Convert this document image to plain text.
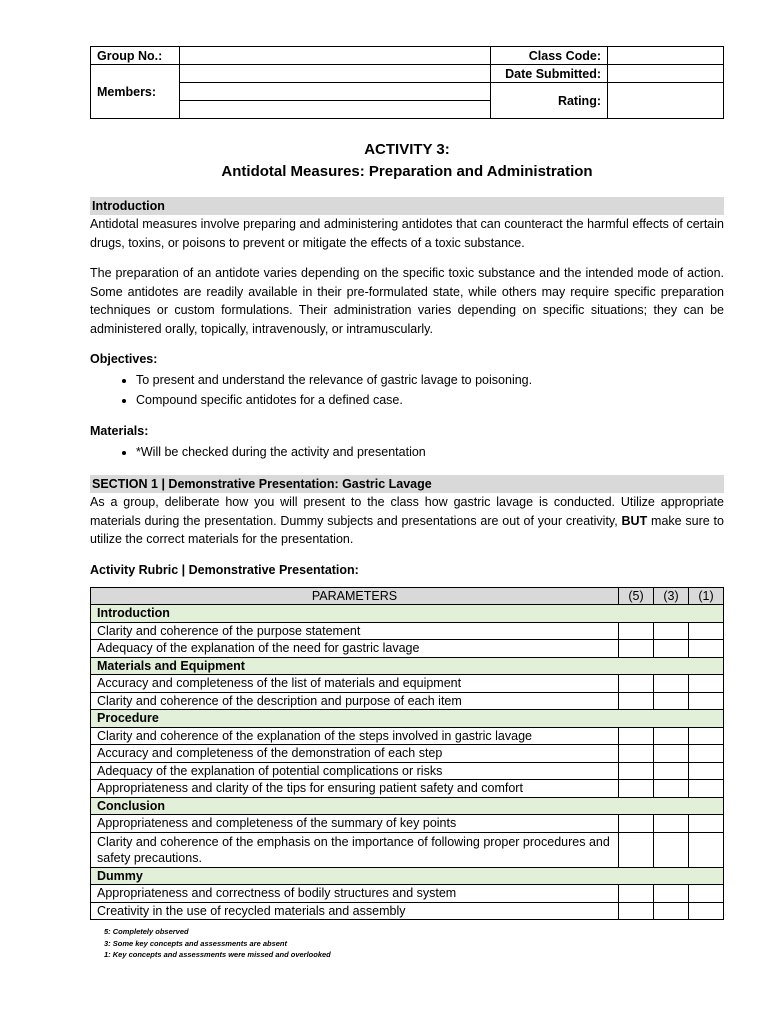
Group No.:		Class Code:	
Members:		Date Submitted:	
		Rating:	

ACTIVITY 3:
Antidotal Measures: Preparation and Administration
Introduction

Antidotal measures involve preparing and administering antidotes that can counteract the harmful effects of certain drugs, toxins, or poisons to prevent or mitigate the effects of a toxic substance.

The preparation of an antidote varies depending on the specific toxic substance and the intended mode of action. Some antidotes are readily available in their pre-formulated state, while others may require specific preparation techniques or custom formulations. Their administration varies depending on specific situations; they can be administered orally, topically, intravenously, or intramuscularly.

Objectives:
• To present and understand the relevance of gastric lavage to poisoning.
• Compound specific antidotes for a defined case.
Materials:
• *Will be checked during the activity and presentation
SECTION 1 | Demonstrative Presentation: Gastric Lavage

As a group, deliberate how you will present to the class how gastric lavage is conducted. Utilize appropriate materials during the presentation. Dummy subjects and presentations are out of your creativity, BUT make sure to utilize the correct materials for the presentation.

Activity Rubric | Demonstrative Presentation:
PARAMETERS	(5)	(3)	(1)
Introduction			
Clarity and coherence of the purpose statement			
Adequacy of the explanation of the need for gastric lavage			
Materials and Equipment			
Accuracy and completeness of the list of materials and equipment			
Clarity and coherence of the description and purpose of each item			
Procedure			
Clarity and coherence of the explanation of the steps involved in gastric lavage			
Accuracy and completeness of the demonstration of each step			
Adequacy of the explanation of potential complications or risks			
Appropriateness and clarity of the tips for ensuring patient safety and comfort			
Conclusion			
Appropriateness and completeness of the summary of key points			
Clarity and coherence of the emphasis on the importance of following proper procedures and safety precautions.			
Dummy			
Appropriateness and correctness of bodily structures and system			
Creativity in the use of recycled materials and assembly			
5: Completely observed
3: Some key concepts and assessments are absent
1: Key concepts and assessments were missed and overlooked
